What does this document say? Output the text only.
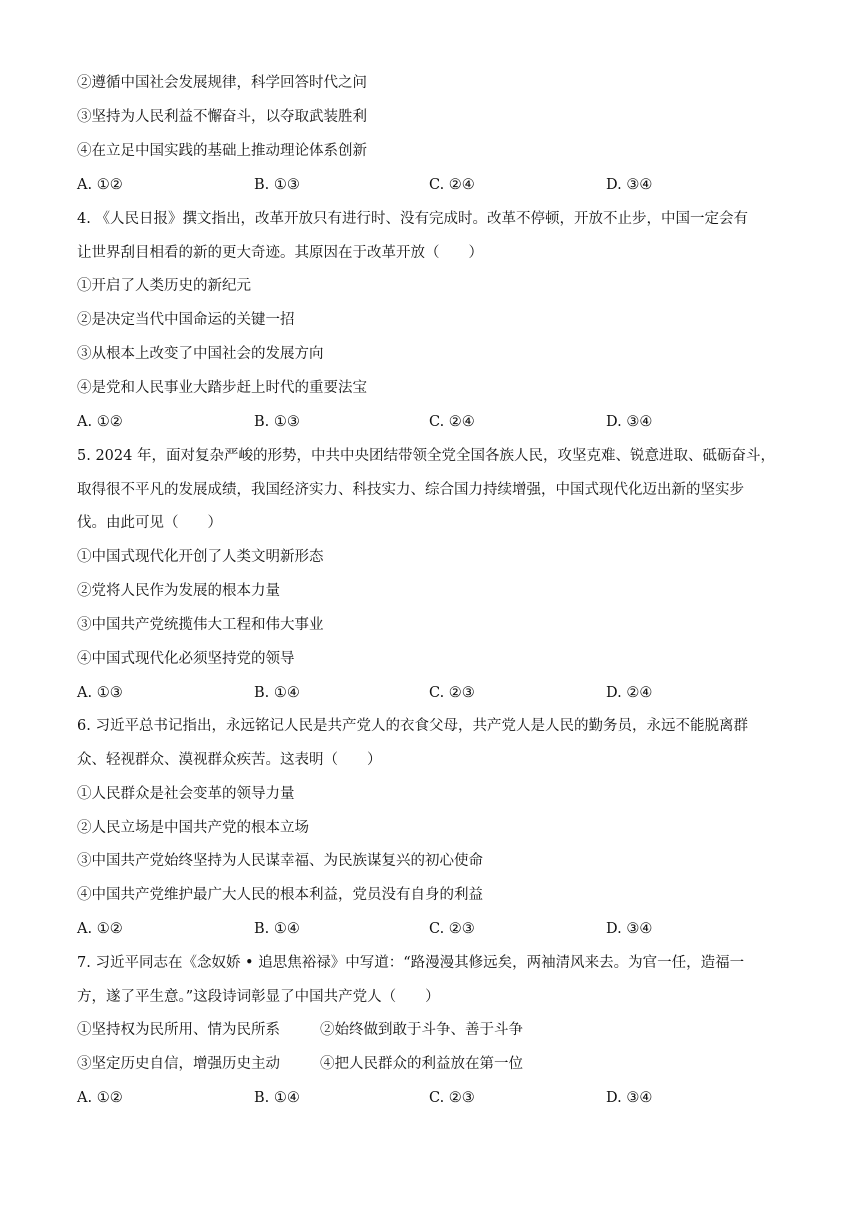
②遵循中国社会发展规律，科学回答时代之问
③坚持为人民利益不懈奋斗，以夺取武装胜利
④在立足中国实践的基础上推动理论体系创新
A. ①②	B. ①③	C. ②④	D. ③④
4. 《人民日报》撰文指出，改革开放只有进行时、没有完成时。改革不停顿，开放不止步，中国一定会有
让世界刮目相看的新的更大奇迹。其原因在于改革开放（　　）
①开启了人类历史的新纪元
②是决定当代中国命运的关键一招
③从根本上改变了中国社会的发展方向
④是党和人民事业大踏步赶上时代的重要法宝
A. ①②	B. ①③	C. ②④	D. ③④
5. 2024 年，面对复杂严峻的形势，中共中央团结带领全党全国各族人民，攻坚克难、锐意进取、砥砺奋斗，
取得很不平凡的发展成绩，我国经济实力、科技实力、综合国力持续增强，中国式现代化迈出新的坚实步
伐。由此可见（　　）
①中国式现代化开创了人类文明新形态
②党将人民作为发展的根本力量
③中国共产党统揽伟大工程和伟大事业
④中国式现代化必须坚持党的领导
A. ①③	B. ①④	C. ②③	D. ②④
6. 习近平总书记指出，永远铭记人民是共产党人的衣食父母，共产党人是人民的勤务员，永远不能脱离群
众、轻视群众、漠视群众疾苦。这表明（　　）
①人民群众是社会变革的领导力量
②人民立场是中国共产党的根本立场
③中国共产党始终坚持为人民谋幸福、为民族谋复兴的初心使命
④中国共产党维护最广大人民的根本利益，党员没有自身的利益
A. ①②	B. ①④	C. ②③	D. ③④
7. 习近平同志在《念奴娇 • 追思焦裕禄》中写道：“路漫漫其修远矣，两袖清风来去。为官一任，造福一
方，遂了平生意。”这段诗词彰显了中国共产党人（　　）
①坚持权为民所用、情为民所系	②始终做到敢于斗争、善于斗争
③坚定历史自信，增强历史主动	④把人民群众的利益放在第一位
A. ①②	B. ①④	C. ②③	D. ③④
